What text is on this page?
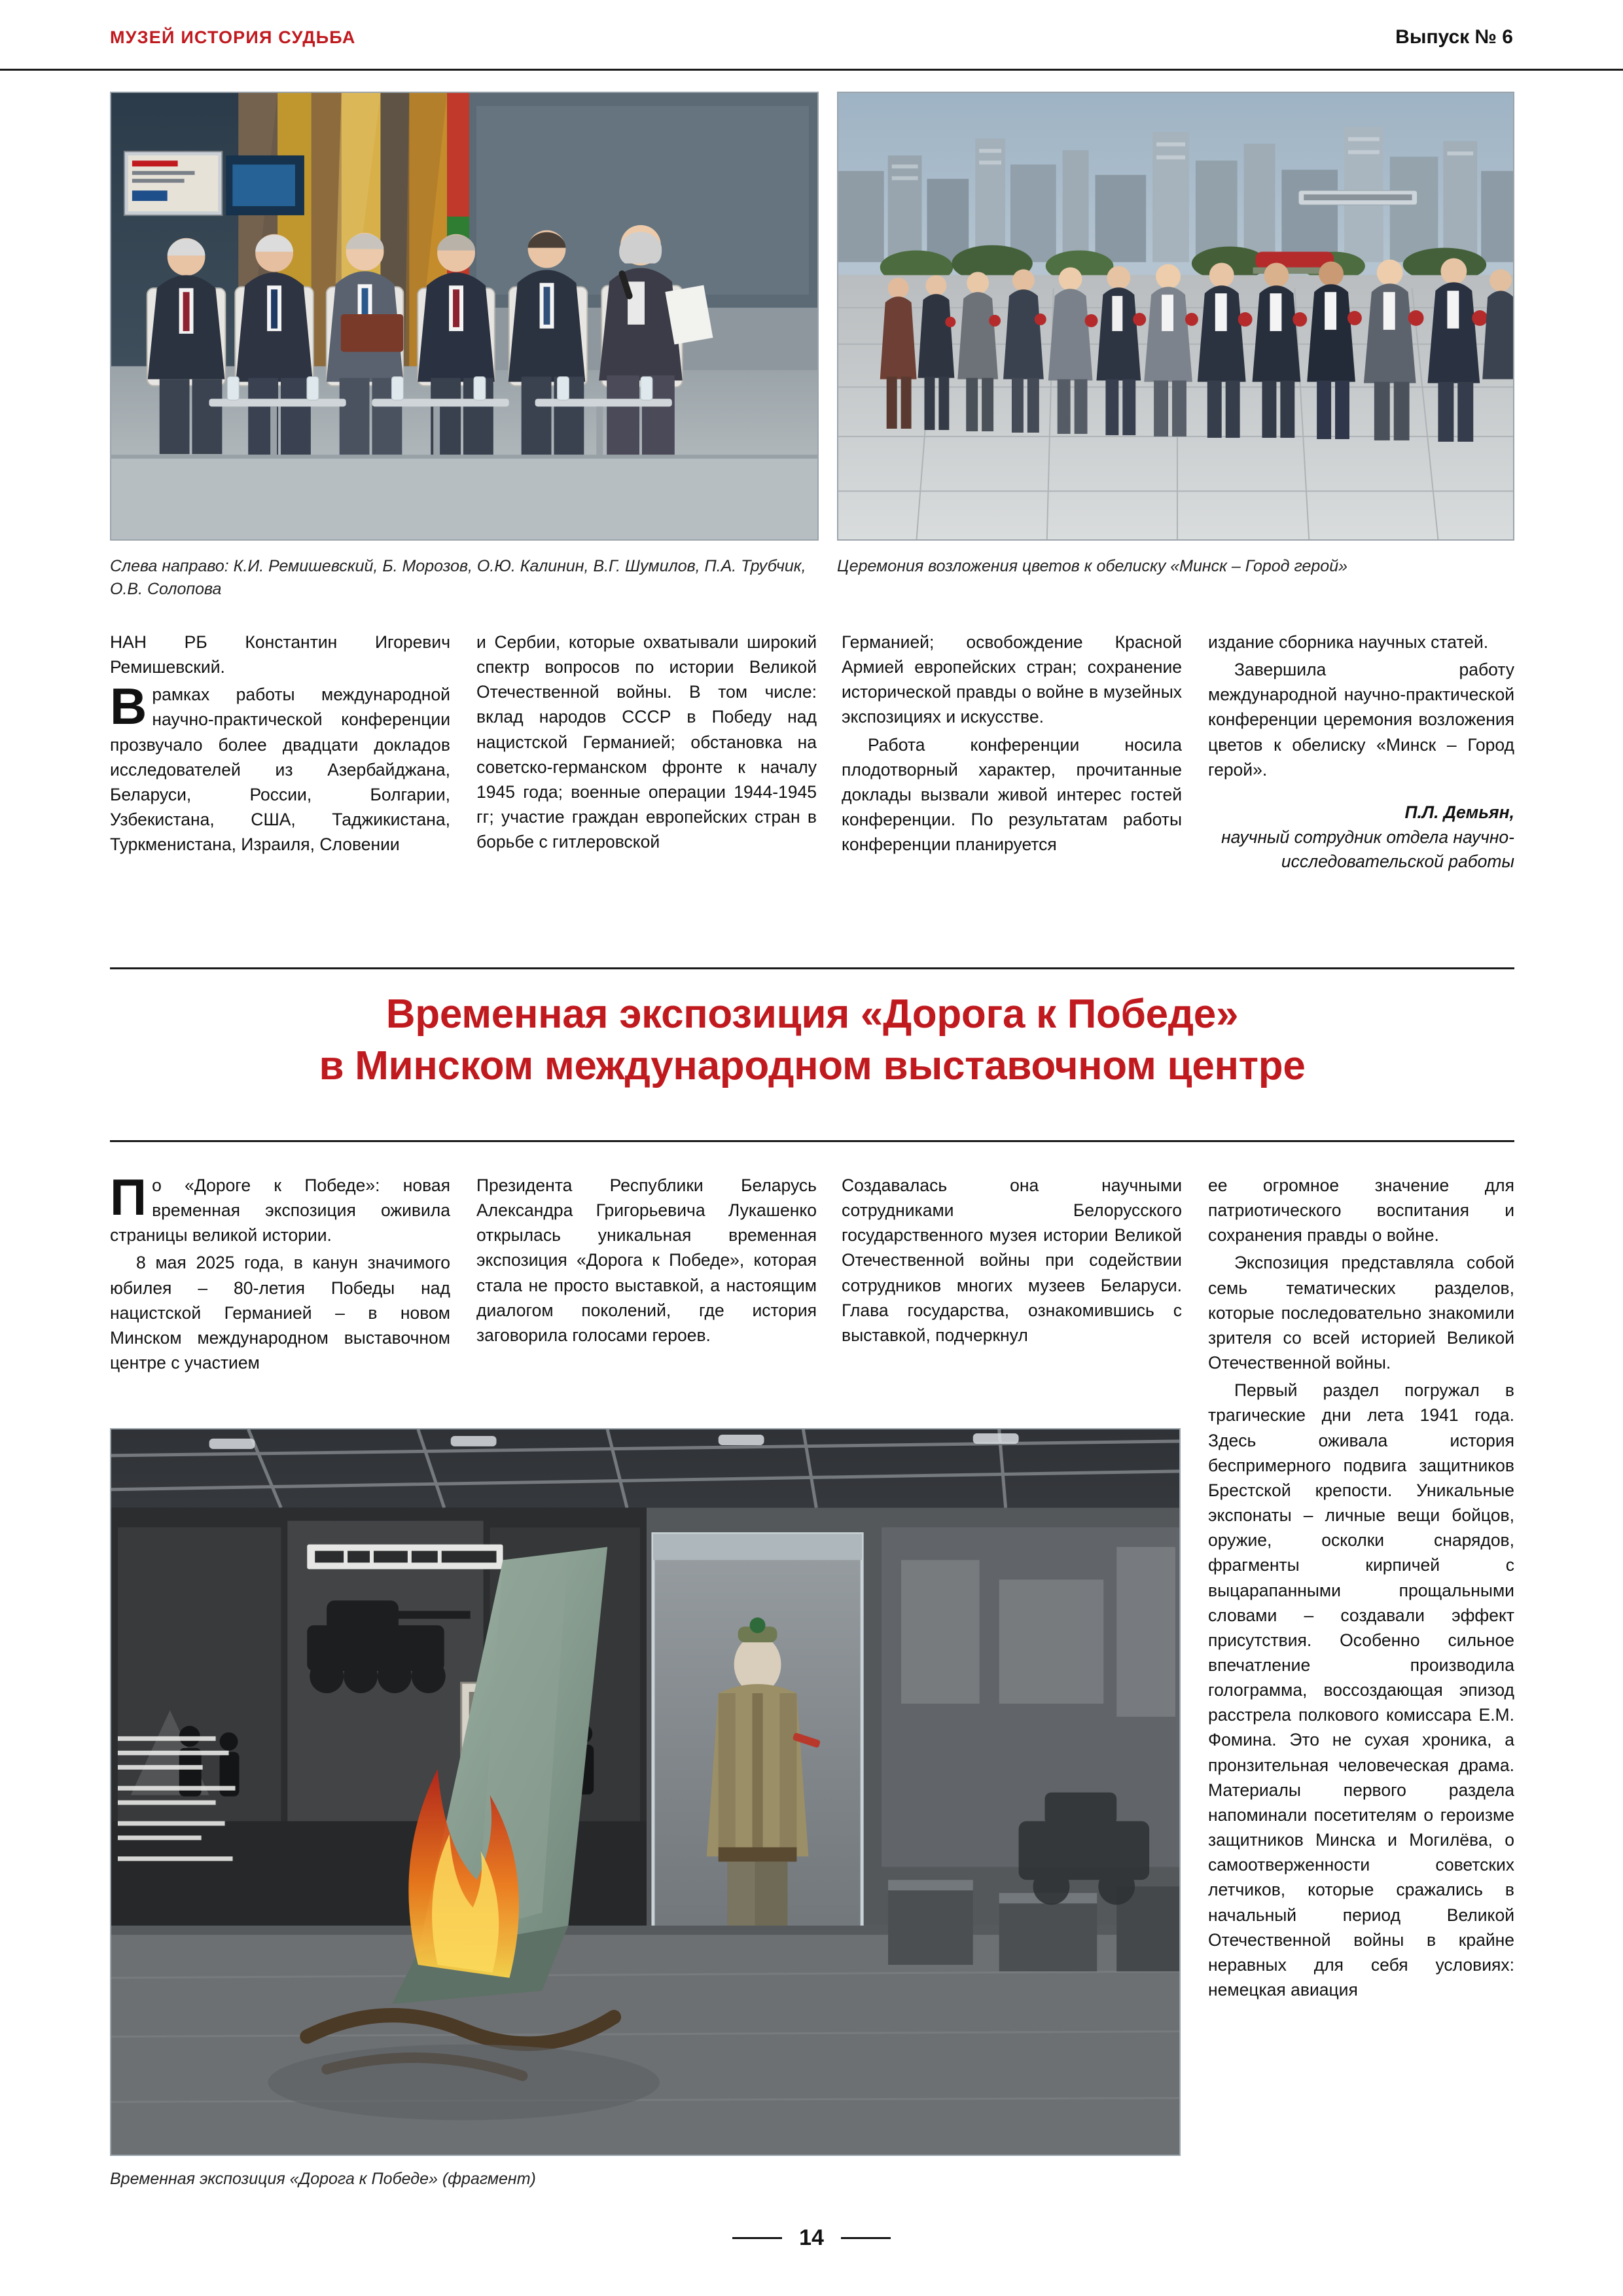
МУЗЕЙ ИСТОРИЯ СУДЬБА	Выпуск № 6
Слева направо: К.И. Ремишевский, Б. Морозов, О.Ю. Калинин, В.Г. Шумилов, П.А. Трубчик, О.В. Солопова
Церемония возложения цветов к обелиску «Минск – Город герой»

НАН РБ Константин Игоревич Ремишевский.

В рамках работы международной научно-практической конференции прозвучало более двадцати докладов исследователей из Азербайджана, Беларуси, России, Болгарии, Узбекистана, США, Таджикистана, Туркменистана, Израиля, Словении

и Сербии, которые охватывали широкий спектр вопросов по истории Великой Отечественной войны. В том числе: вклад народов СССР в Победу над нацистской Германией; обстановка на советско-германском фронте к началу 1945 года; военные операции 1944-1945 гг; участие граждан европейских стран в борьбе с гитлеровской

Германией; освобождение Красной Армией европейских стран; сохранение исторической правды о войне в музейных экспозициях и искусстве.

Работа конференции носила плодотворный характер, прочитанные доклады вызвали живой интерес гостей конференции. По результатам работы конференции планируется

издание сборника научных статей.

Завершила работу международной научно-практической конференции церемония возложения цветов к обелиску «Минск – Город герой».

П.Л. Демьян,
научный сотрудник отдела научно-исследовательской работы
Временная экспозиция «Дорога к Победе»
в Минском международном выставочном центре

По «Дороге к Победе»: новая временная экспозиция оживила страницы великой истории.

8 мая 2025 года, в канун значимого юбилея – 80-летия Победы над нацистской Германией – в новом Минском международном выставочном центре с участием

Президента Республики Беларусь Александра Григорьевича Лукашенко открылась уникальная временная экспозиция «Дорога к Победе», которая стала не просто выставкой, а настоящим диалогом поколений, где история заговорила голосами героев.

Создавалась она научными сотрудниками Белорусского государственного музея истории Великой Отечественной войны при содействии сотрудников многих музеев Беларуси. Глава государства, ознакомившись с выставкой, подчеркнул

ее огромное значение для патриотического воспитания и сохранения правды о войне.

Экспозиция представляла собой семь тематических разделов, которые последовательно знакомили зрителя со всей историей Великой Отечественной войны.

Первый раздел погружал в трагические дни лета 1941 года. Здесь оживала история беспримерного подвига защитников Брестской крепости. Уникальные экспонаты – личные вещи бойцов, оружие, осколки снарядов, фрагменты кирпичей с выцарапанными прощальными словами – создавали эффект присутствия. Особенно сильное впечатление производила голограмма, воссоздающая эпизод расстрела полкового комиссара Е.М. Фомина. Это не сухая хроника, а пронзительная человеческая драма. Материалы первого раздела напоминали посетителям о героизме защитников Минска и Могилёва, о самоотверженности советских летчиков, которые сражались в начальный период Великой Отечественной войны в крайне неравных для себя условиях: немецкая авиация

Временная экспозиция «Дорога к Победе» (фрагмент)
14
